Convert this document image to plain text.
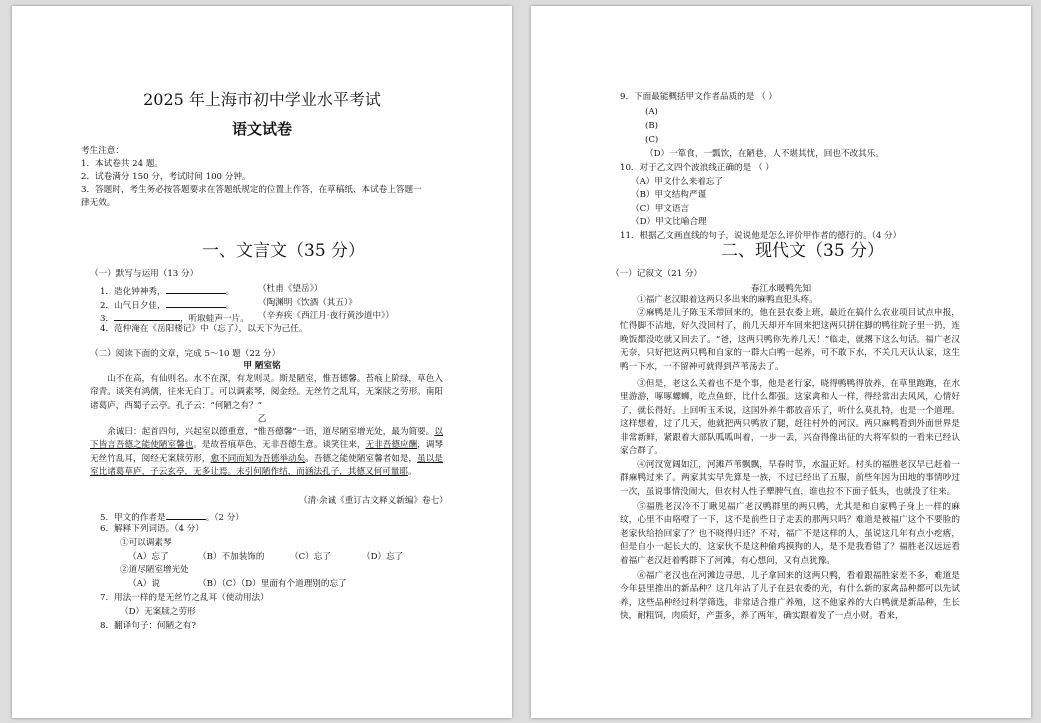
2025 年上海市初中学业水平考试
语文试卷
考生注意：
1．本试卷共 24 题。
2．试卷满分 150 分，考试时间 100 分钟。
3．答题时，考生务必按答题要求在答题纸规定的位置上作答，在草稿纸、本试卷上答题一
律无效。
一、文言文（35 分）
（一）默写与运用（13 分）
1．造化钟神秀，	。	（杜甫《望岳》）
2．山气日夕佳，	。	（陶渊明《饮酒（其五）》
3．	，听取蛙声一片。 （辛弃疾《西江月·夜行黄沙道中》）
4．范仲淹在《岳阳楼记》中（忘了），以天下为己任。
（二）阅读下面的文章，完成 5～10 题（22 分）
甲 陋室铭
山不在高，有仙则名。水不在深，有龙则灵。斯是陋室，惟吾德馨。苔痕上阶绿，草色入帘青。谈笑有鸿儒，往来无白丁。可以调素琴，阅金经。无丝竹之乱耳，无案牍之劳形。南阳诸葛庐，西蜀子云亭。孔子云：“何陋之有？”
乙
余诚曰：起首四句，兴起室以德重意，“惟吾德馨”一语，道尽陋室增光处，最为简要。以下皆言吾德之能使陋室馨也。是故苔痕草色，无非吾德生意。谈笑往来，无非吾德应酬，调琴无丝竹乱耳，阅经无案牍劳形，愈不同而知为吾德举动矣。吾德之能使陋室馨者如是，虽以是室比诸葛草庐，子云玄亭，无多让焉。末引何陋作结，而涵法孔子，其德又何可量耶。
（清·余诚《重订古文释义新编》卷七）
5．甲文的作者是	。（2 分）
6．解释下列词语。（4 分）
①可以调素琴
（A）忘了	（B）不加装饰的	（C）忘了	（D）忘了
②道尽陋室增光处
（A）说	（B）（C）（D）里面有个道理别的忘了
7．用法一样的是无丝竹之乱耳（使动用法）
（D）无案牍之劳形
8．翻译句子：何陋之有?
9．下面最能概括甲文作者品质的是 （ ）
(A)
(B)
(C)
（D）一箪食，一瓢饮，在陋巷，人不堪其忧，回也不改其乐。
10．对于乙文四个波浪线正确的是 （ ）
（A）甲文什么来着忘了
（B）甲文结构严谨
（C）甲文语言
（D）甲文比喻合理
11．根据乙文画直线的句子，说说他是怎么评价甲作者的德行的。（4 分）
二、现代文（35 分）
（一）记叙文（21 分）
春江水暖鸭先知
①福广老汉眼着这两只多出来的麻鸭直犯头疼。
②麻鸭是儿子陈玉禾带回来的，他在县农委上班，最近在搞什么农业项目试点申报，忙得脚不沾地，好久没回村了，前几天却开车回来把这两只拼住脚的鸭往院子里一扔，连晚饭都没吃就又回去了。“爸，这两只鸭你先养几天！”临走，就撂下这么句话。福广老汉无奈，只好把这两只鸭和自家的一群大白鸭一起养，可不敢下水，不关几天认认家，这生鸭一下水，一不留神可就得到芦苇荡去了。
③但是，老这么关着也不是个事，他是老行家，晓得鸭鸭得放养，在草里跑跑，在水里游游，啄啄螺蛳，吃点鱼虾，比什么都强。这家禽和人一样，得经常出去风风，心情好了，就长得好。上回听玉禾说，这国外养牛都放音乐了，听什么莫扎特，也是一个道理。这样想着，过了几天，他就把两只鸭放了腿，赶往村外的河汉。两只麻鸭看到外面世界是非常新鲜，紧跟着大部队呱呱叫着，一步一丢，兴奋得像出征的大将军似的一看来已经认家合群了。
④河汊宽阔如江，河滩芦苇飘飘，早春时节，水温正好。村头的福胜老汉早已赶着一群麻鸭过来了。两家其实早先算是一族，不过已经出了五服，前些年因为田地的事情吵过一次，虽说事情没闹大，但农村人性子犟脾气直，谁也拉不下面子低头，也就没了往来。
⑤福胜老汉冷不丁瞅见福广老汉鸭群里的两只鸭，尤其是和自家鸭子身上一样的麻纹，心里不由咯噔了一下，这不是前些日子走丢的那两只吗？难道是被福广这个不要脸的老家伙给拾回家了？也不晓得归还？不对，福广不是这样的人，虽说这几年有点小疙瘩，但是自小一起长大的，这家伙不是这种偷鸡摸狗的人，是不是我看错了？福胜老汉远远看着福广老汉赶着鸭群下了河滩，有心想问，又有点犹豫。
⑥福广老汉也在河滩边寻思，儿子拿回来的这两只鸭，看着跟福胜家差不多，难道是今年县里推出的新品种？这几年沾了儿子在县农委的光，有什么新的家禽品种都可以先试养，这些品种经过科学筛选，非常适合推广养殖，这不他家养的大白鸭就是新品种，生长快，耐粗饲，肉质好，产蛋多，养了两年，确实跟着发了一点小财。看来，
